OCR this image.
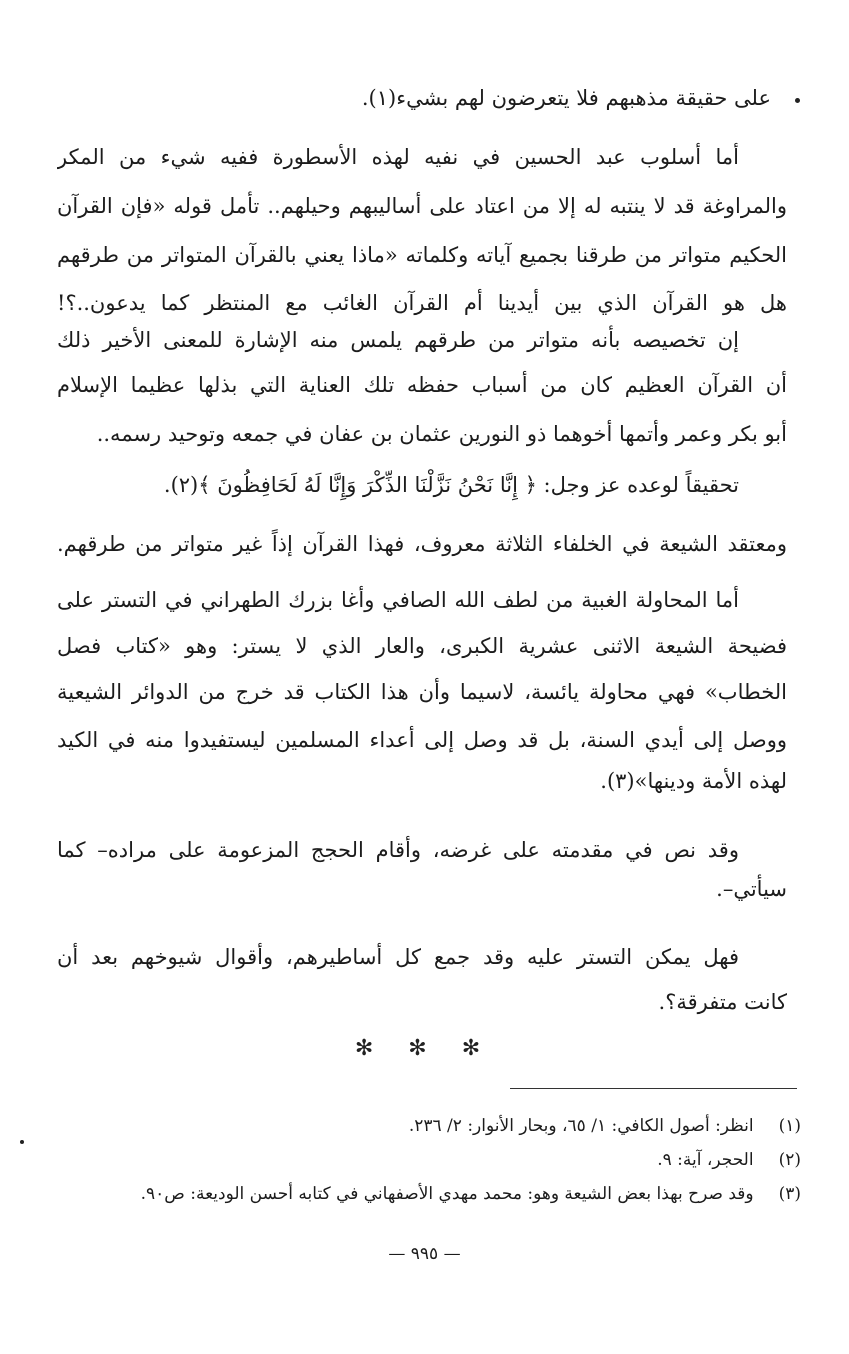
على حقيقة مذهبهم فلا يتعرضون لهم بشيء(١).
أما أسلوب عبد الحسين في نفيه لهذه الأسطورة ففيه شيء من المكر
والمراوغة قد لا ينتبه له إلا من اعتاد على أساليبهم وحيلهم.. تأمل قوله «فإن القرآن
الحكيم متواتر من طرقنا بجميع آياته وكلماته «ماذا يعني بالقرآن المتواتر من طرقهم
هل هو القرآن الذي بين أيدينا أم القرآن الغائب مع المنتظر كما يدعون..؟!
إن تخصيصه بأنه متواتر من طرقهم يلمس منه الإشارة للمعنى الأخير ذلك
أن القرآن العظيم كان من أسباب حفظه تلك العناية التي بذلها عظيما الإسلام
أبو بكر وعمر وأتمها أخوهما ذو النورين عثمان بن عفان في جمعه وتوحيد رسمه..
تحقيقاً لوعده عز وجل: ﴿ إِنَّا نَحْنُ نَزَّلْنَا الذِّكْرَ وَإِنَّا لَهُ لَحَافِظُونَ ﴾(٢).
ومعتقد الشيعة في الخلفاء الثلاثة معروف، فهذا القرآن إذاً غير متواتر من طرقهم.
أما المحاولة الغبية من لطف الله الصافي وأغا بزرك الطهراني في التستر على
فضيحة الشيعة الاثنى عشرية الكبرى، والعار الذي لا يستر: وهو «كتاب فصل
الخطاب» فهي محاولة يائسة، لاسيما وأن هذا الكتاب قد خرج من الدوائر الشيعية
ووصل إلى أيدي السنة، بل قد وصل إلى أعداء المسلمين ليستفيدوا منه في الكيد
لهذه الأمة ودينها»(٣).
وقد نص في مقدمته على غرضه، وأقام الحجج المزعومة على مراده– كما
سيأتي–.
فهل يمكن التستر عليه وقد جمع كل أساطيرهم، وأقوال شيوخهم بعد أن
كانت متفرقة؟.
✻ ✻ ✻
(١) انظر: أصول الكافي: ١/ ٦٥، وبحار الأنوار: ٢/ ٢٣٦.
(٢) الحجر، آية: ٩.
(٣) وقد صرح بهذا بعض الشيعة وهو: محمد مهدي الأصفهاني في كتابه أحسن الوديعة: ص٩٠.
— ٩٩٥ —
